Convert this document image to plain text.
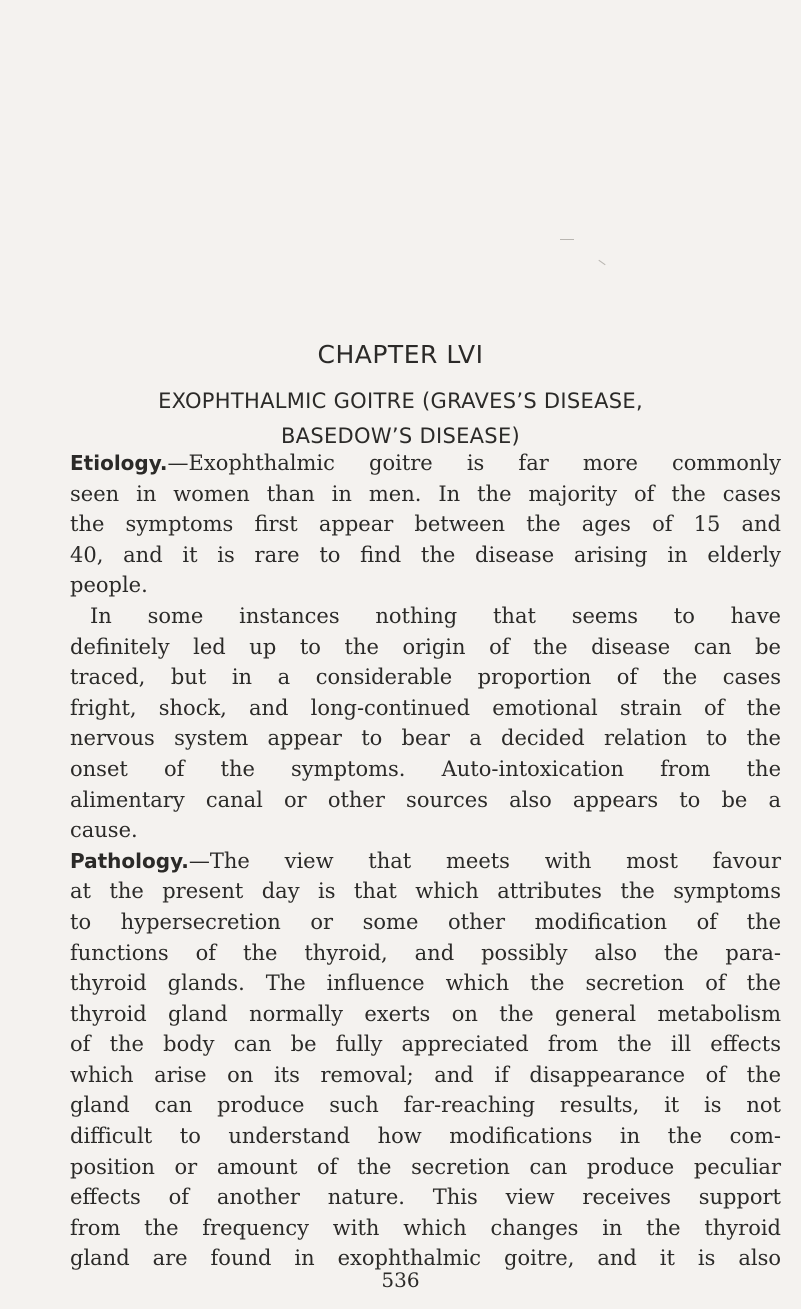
CHAPTER LVI
EXOPHTHALMIC GOITRE (GRAVES’S DISEASE,
BASEDOW’S DISEASE)
Etiology.—Exophthalmic goitre is far more commonly
seen in women than in men. In the majority of the cases
the symptoms first appear between the ages of 15 and
40, and it is rare to find the disease arising in elderly
people.
In some instances nothing that seems to have
definitely led up to the origin of the disease can be
traced, but in a considerable proportion of the cases
fright, shock, and long-continued emotional strain of the
nervous system appear to bear a decided relation to the
onset of the symptoms. Auto-intoxication from the
alimentary canal or other sources also appears to be a
cause.
Pathology.—The view that meets with most favour
at the present day is that which attributes the symptoms
to hypersecretion or some other modification of the
functions of the thyroid, and possibly also the para-
thyroid glands. The influence which the secretion of the
thyroid gland normally exerts on the general metabolism
of the body can be fully appreciated from the ill effects
which arise on its removal; and if disappearance of the
gland can produce such far-reaching results, it is not
difficult to understand how modifications in the com-
position or amount of the secretion can produce peculiar
effects of another nature. This view receives support
from the frequency with which changes in the thyroid
gland are found in exophthalmic goitre, and it is also
536
